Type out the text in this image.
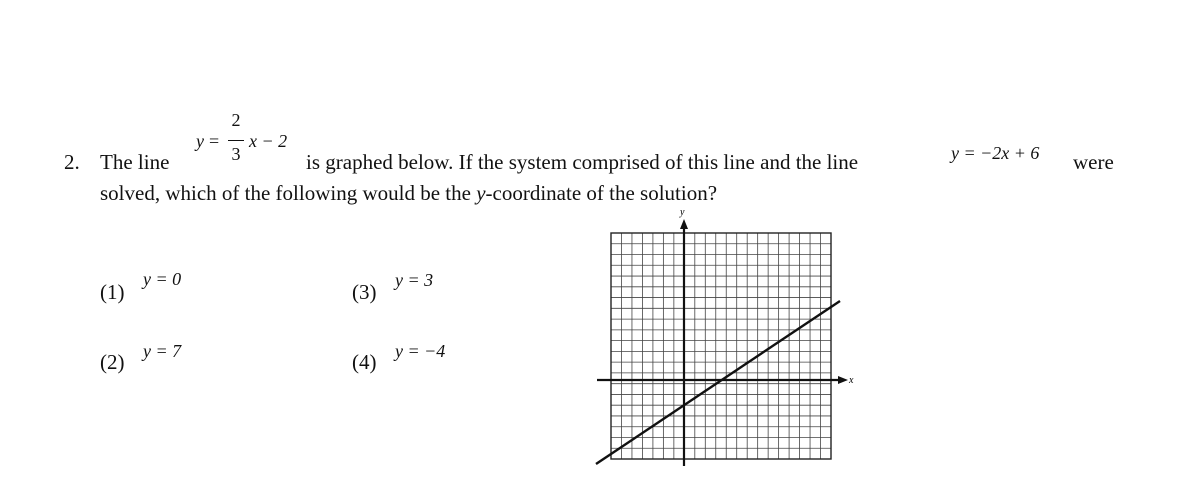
2. The line
y =
2
3
x − 2
is graphed below. If the system comprised of this line and the line	y = −2x + 6 were
solved, which of the following would be the y-coordinate of the solution?
(1)
y = 0
(2) y = 7
(3) y = 3
(4) y = −4
x
y
